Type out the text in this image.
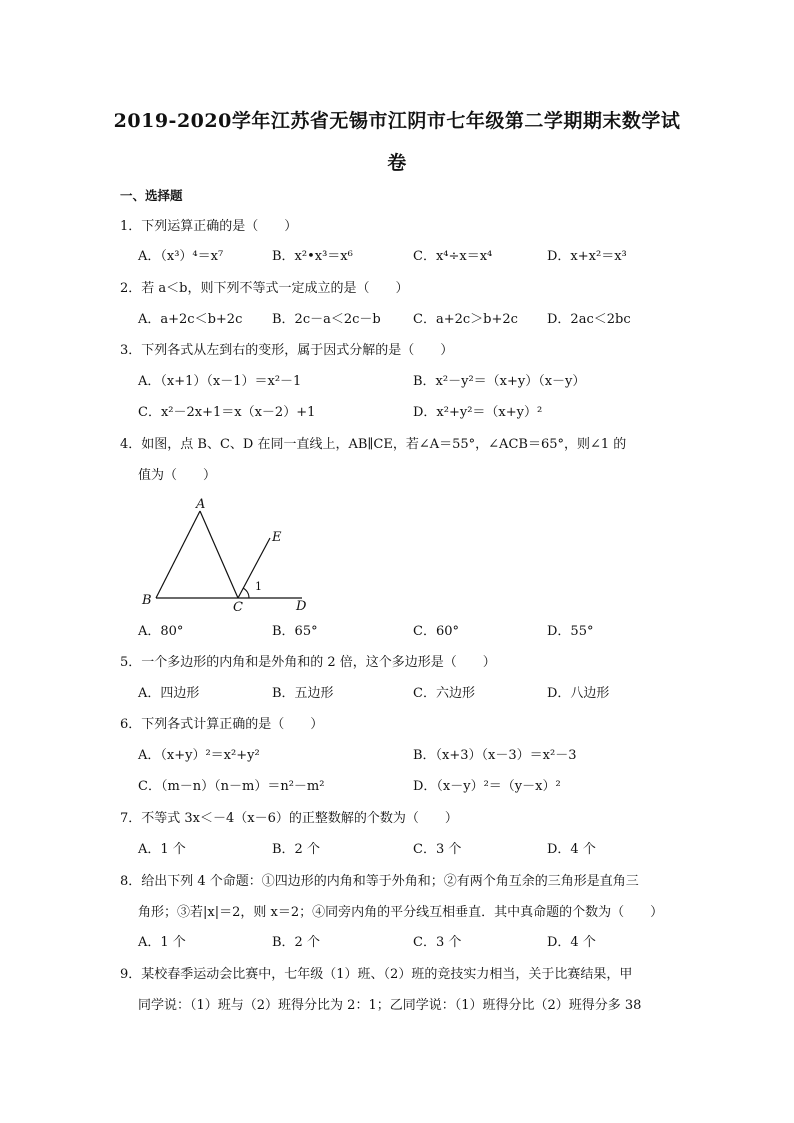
2019-2020学年江苏省无锡市江阴市七年级第二学期期末数学试
卷
一、选择题
1．下列运算正确的是（　　）
A．（x³）⁴＝x⁷	B．x²•x³＝x⁶	C．x⁴÷x＝x⁴	D．x+x²＝x³
2．若 a＜b，则下列不等式一定成立的是（　　）
A．a+2c＜b+2c B．2c－a＜2c－b C．a+2c＞b+2c D．2ac＜2bc
3．下列各式从左到右的变形，属于因式分解的是（　　）
A．（x+1）（x－1）＝x²－1	B．x²－y²＝（x+y）（x－y）
C．x²－2x+1＝x（x－2）+1	D．x²+y²＝（x+y）²
4．如图，点 B、C、D 在同一直线上，AB∥CE，若∠A＝55°，∠ACB＝65°，则∠1 的
值为（　　）
A
B	C	D
E
1
A．80°	B．65°	C．60°	D．55°
5．一个多边形的内角和是外角和的 2 倍，这个多边形是（　　）
A．四边形	B．五边形	C．六边形	D．八边形
6．下列各式计算正确的是（　　）
A．（x+y）²＝x²+y²	B．（x+3）（x－3）＝x²－3
C．（m－n）（n－m）＝n²－m²	D．（x－y）²＝（y－x）²
7．不等式 3x＜－4（x－6）的正整数解的个数为（　　）
A．1 个	B．2 个	C．3 个	D．4 个
8．给出下列 4 个命题：①四边形的内角和等于外角和；②有两个角互余的三角形是直角三
角形；③若|x|＝2，则 x＝2；④同旁内角的平分线互相垂直．其中真命题的个数为（　　）
A．1 个	B．2 个	C．3 个	D．4 个
9．某校春季运动会比赛中，七年级（1）班、（2）班的竞技实力相当，关于比赛结果，甲
同学说：（1）班与（2）班得分比为 2：1；乙同学说：（1）班得分比（2）班得分多 38
